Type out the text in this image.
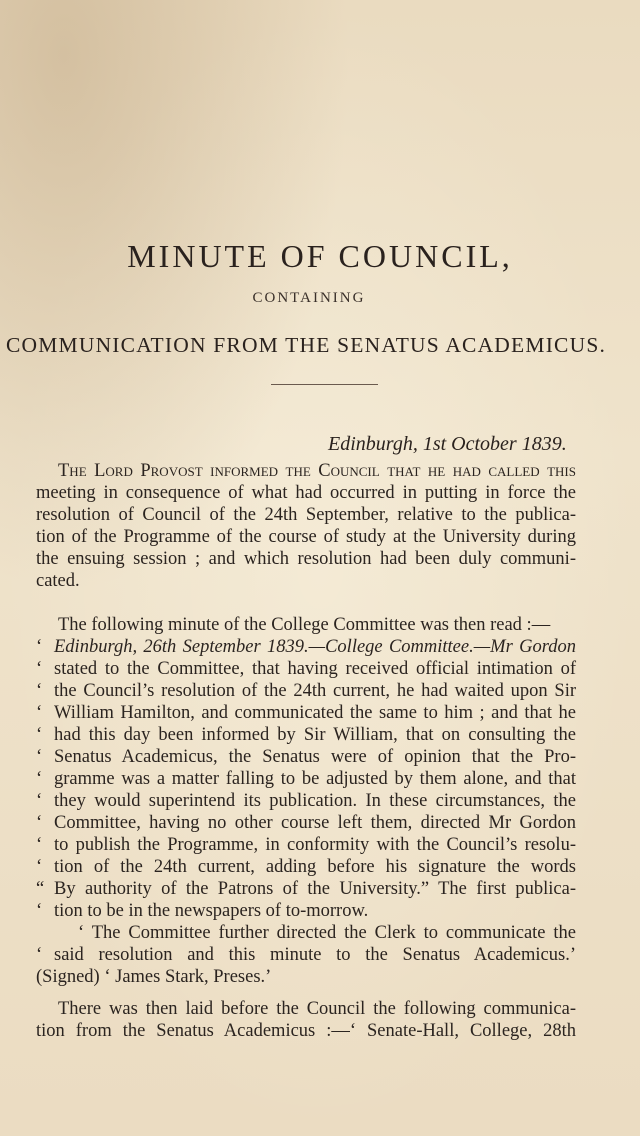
MINUTE OF COUNCIL,
CONTAINING
COMMUNICATION FROM THE SENATUS ACADEMICUS.
Edinburgh, 1st October 1839.
The Lord Provost informed the Council that he had called this
meeting in consequence of what had occurred in putting in force the
resolution of Council of the 24th September, relative to the publica-
tion of the Programme of the course of study at the University during
the ensuing session ; and which resolution had been duly communi-
cated.
The following minute of the College Committee was then read :—
‘ Edinburgh, 26th September 1839.—College Committee.—Mr Gordon
‘ stated to the Committee, that having received official intimation of
‘ the Council’s resolution of the 24th current, he had waited upon Sir
‘ William Hamilton, and communicated the same to him ; and that he
‘ had this day been informed by Sir William, that on consulting the
‘ Senatus Academicus, the Senatus were of opinion that the Pro-
‘ gramme was a matter falling to be adjusted by them alone, and that
‘ they would superintend its publication. In these circumstances, the
‘ Committee, having no other course left them, directed Mr Gordon
‘ to publish the Programme, in conformity with the Council’s resolu-
‘ tion of the 24th current, adding before his signature the words
“ By authority of the Patrons of the University.” The first publica-
‘ tion to be in the newspapers of to-morrow.
‘ The Committee further directed the Clerk to communicate the
‘ said resolution and this minute to the Senatus Academicus.’
(Signed) ‘ James Stark, Preses.’
There was then laid before the Council the following communica-
tion from the Senatus Academicus :—‘ Senate-Hall, College, 28th
